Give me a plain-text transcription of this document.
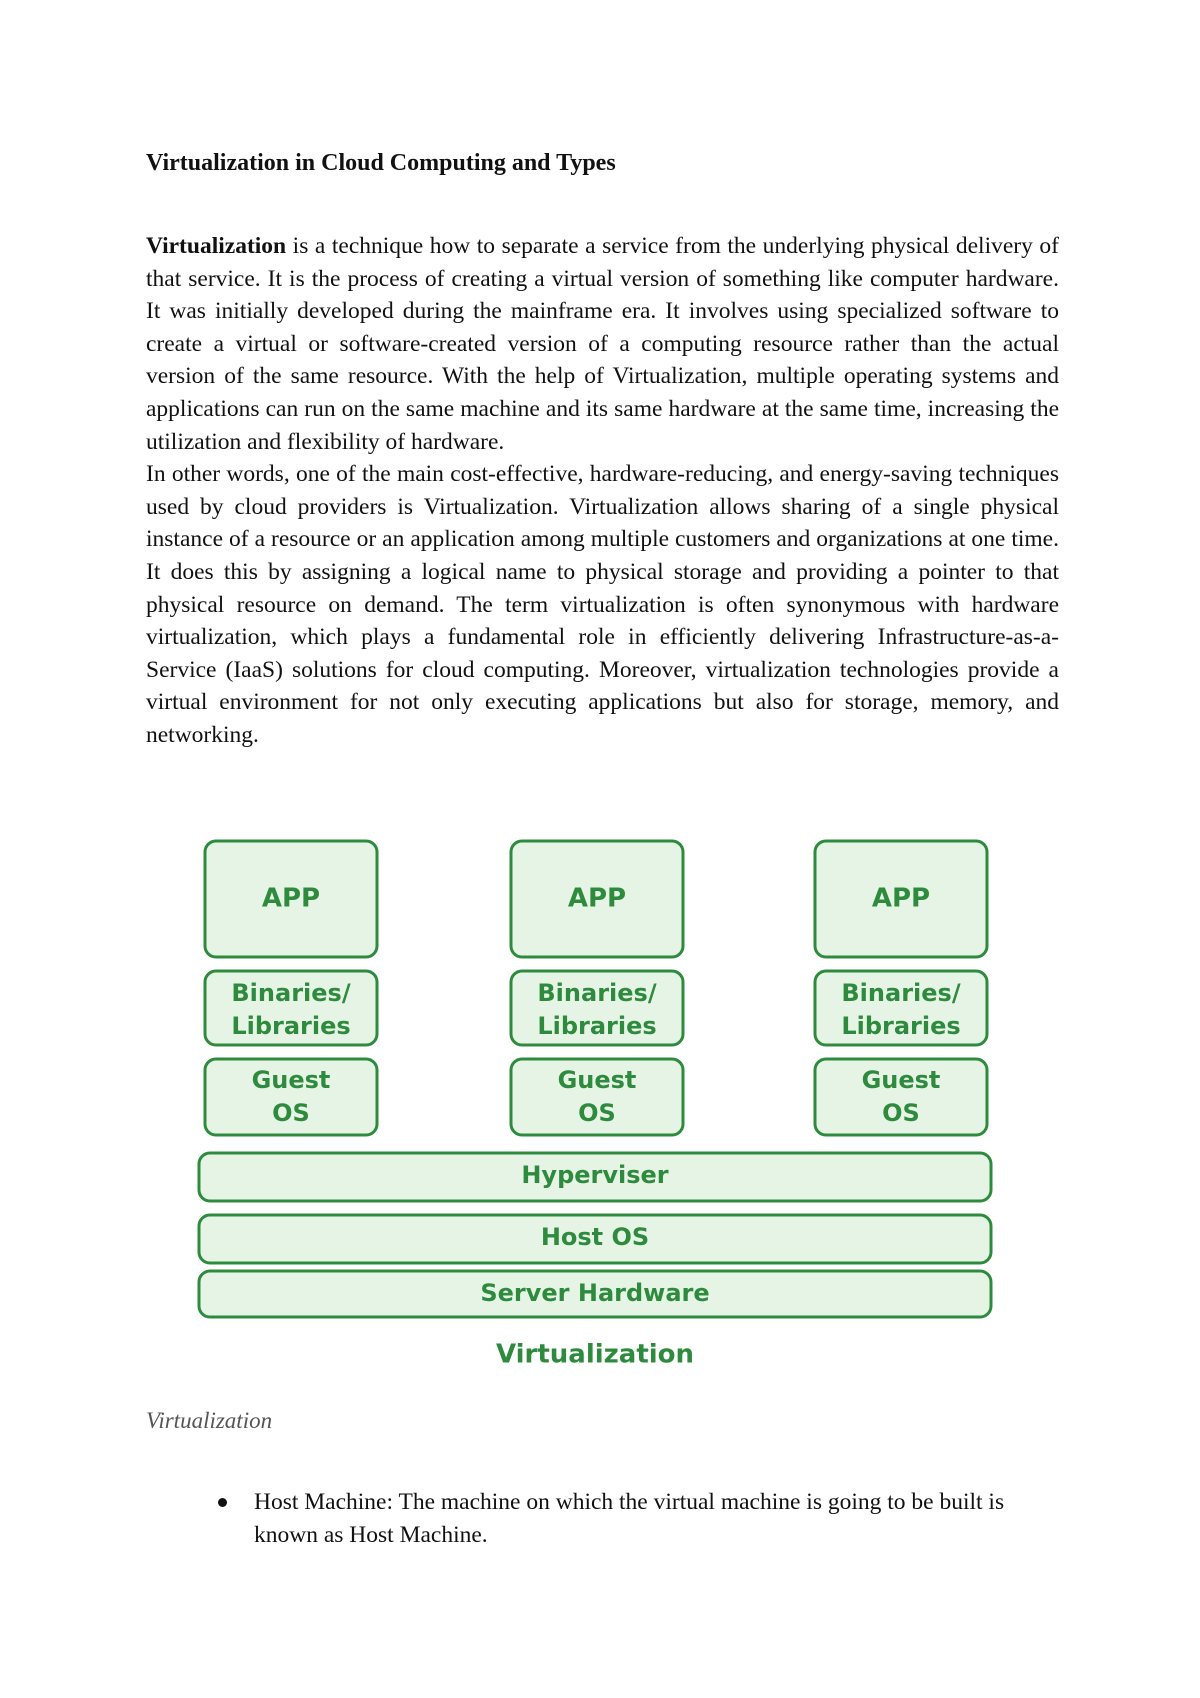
Virtualization in Cloud Computing and Types

Virtualization is a technique how to separate a service from the underlying physical delivery of that service. It is the process of creating a virtual version of something like computer hardware. It was initially developed during the mainframe era. It involves using specialized software to create a virtual or software-created version of a computing resource rather than the actual version of the same resource. With the help of Virtualization, multiple operating systems and applications can run on the same machine and its same hardware at the same time, increasing the utilization and flexibility of hardware.

In other words, one of the main cost-effective, hardware-reducing, and energy-saving techniques used by cloud providers is Virtualization. Virtualization allows sharing of a single physical instance of a resource or an application among multiple customers and organizations at one time. It does this by assigning a logical name to physical storage and providing a pointer to that physical resource on demand. The term virtualization is often synonymous with hardware virtualization, which plays a fundamental role in efficiently delivering Infrastructure-as-a-Service (IaaS) solutions for cloud computing. Moreover, virtualization technologies provide a virtual environment for not only executing applications but also for storage, memory, and networking.

APP
Binaries/
Libraries
Guest
OS
APP
Binaries/
Libraries
Guest
OS
APP
Binaries/
Libraries
Guest
OS
Hyperviser
Host OS
Server Hardware
Virtualization

Virtualization

Host Machine: The machine on which the virtual machine is going to be built is known as Host Machine.
